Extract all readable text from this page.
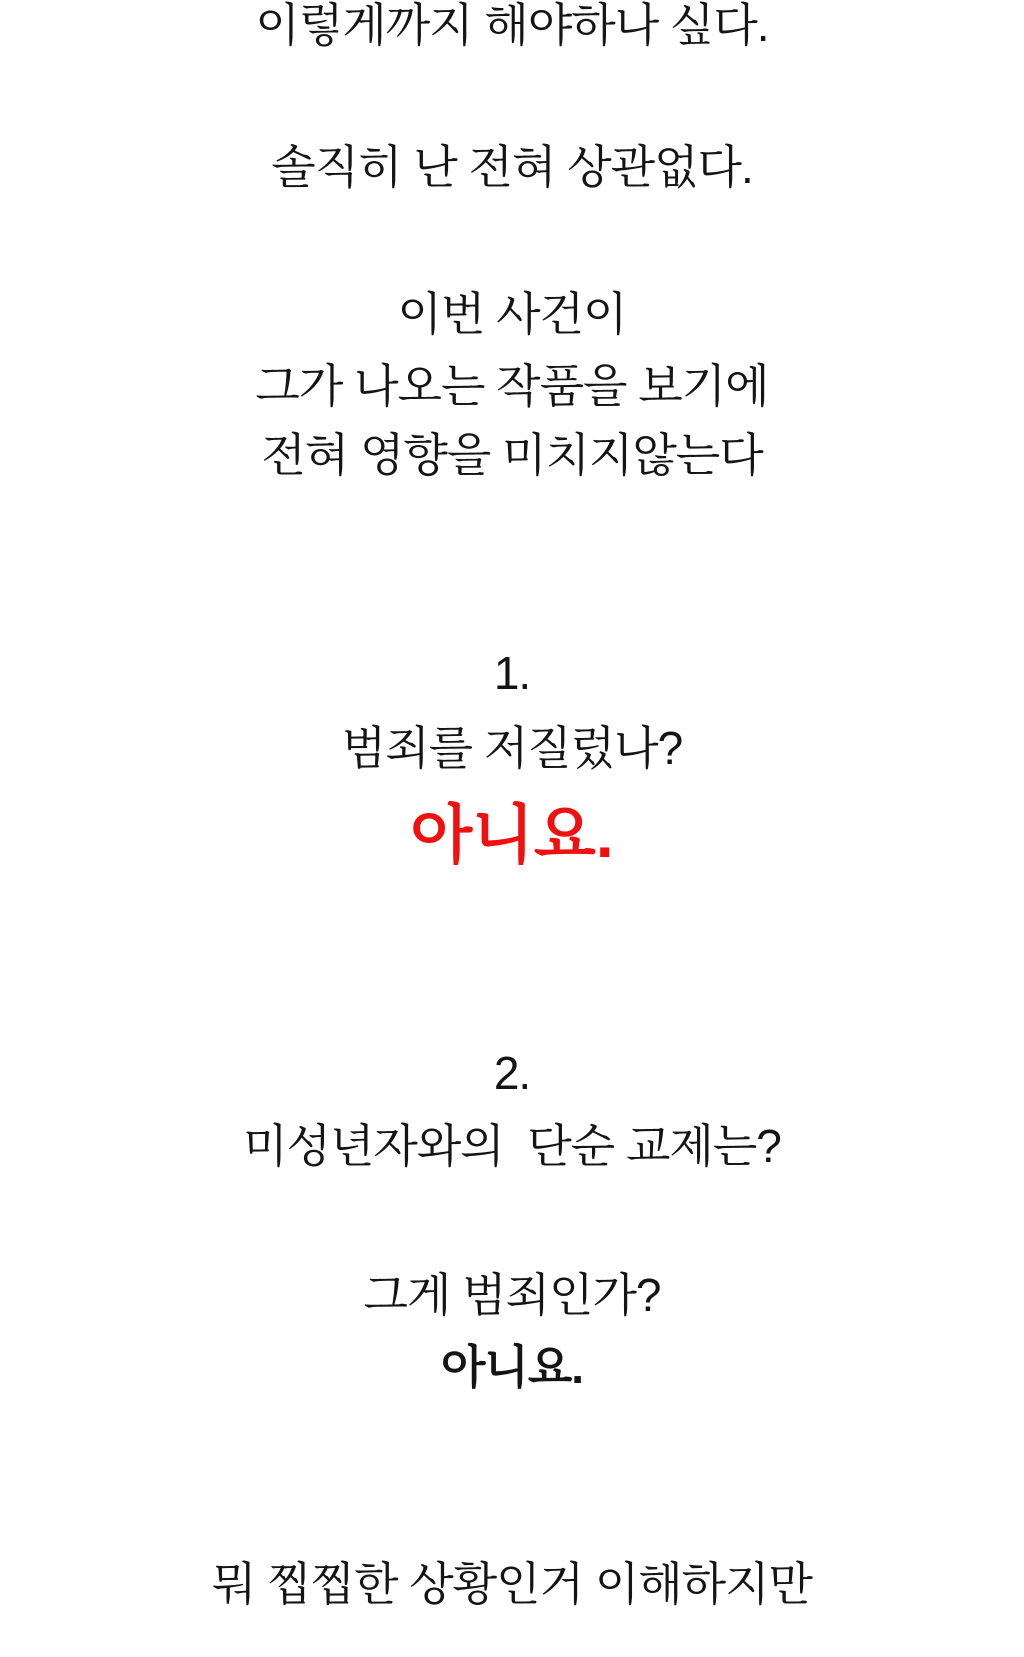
이렇게까지 해야하나 싶다.
솔직히 난 전혀 상관없다.
이번 사건이
그가 나오는 작품을 보기에
전혀 영향을 미치지않는다
1.
범죄를 저질렀나?
아니요.
2.
미성년자와의  단순 교제는?
그게 범죄인가?
아니요.
뭐 찝찝한 상황인거 이해하지만
